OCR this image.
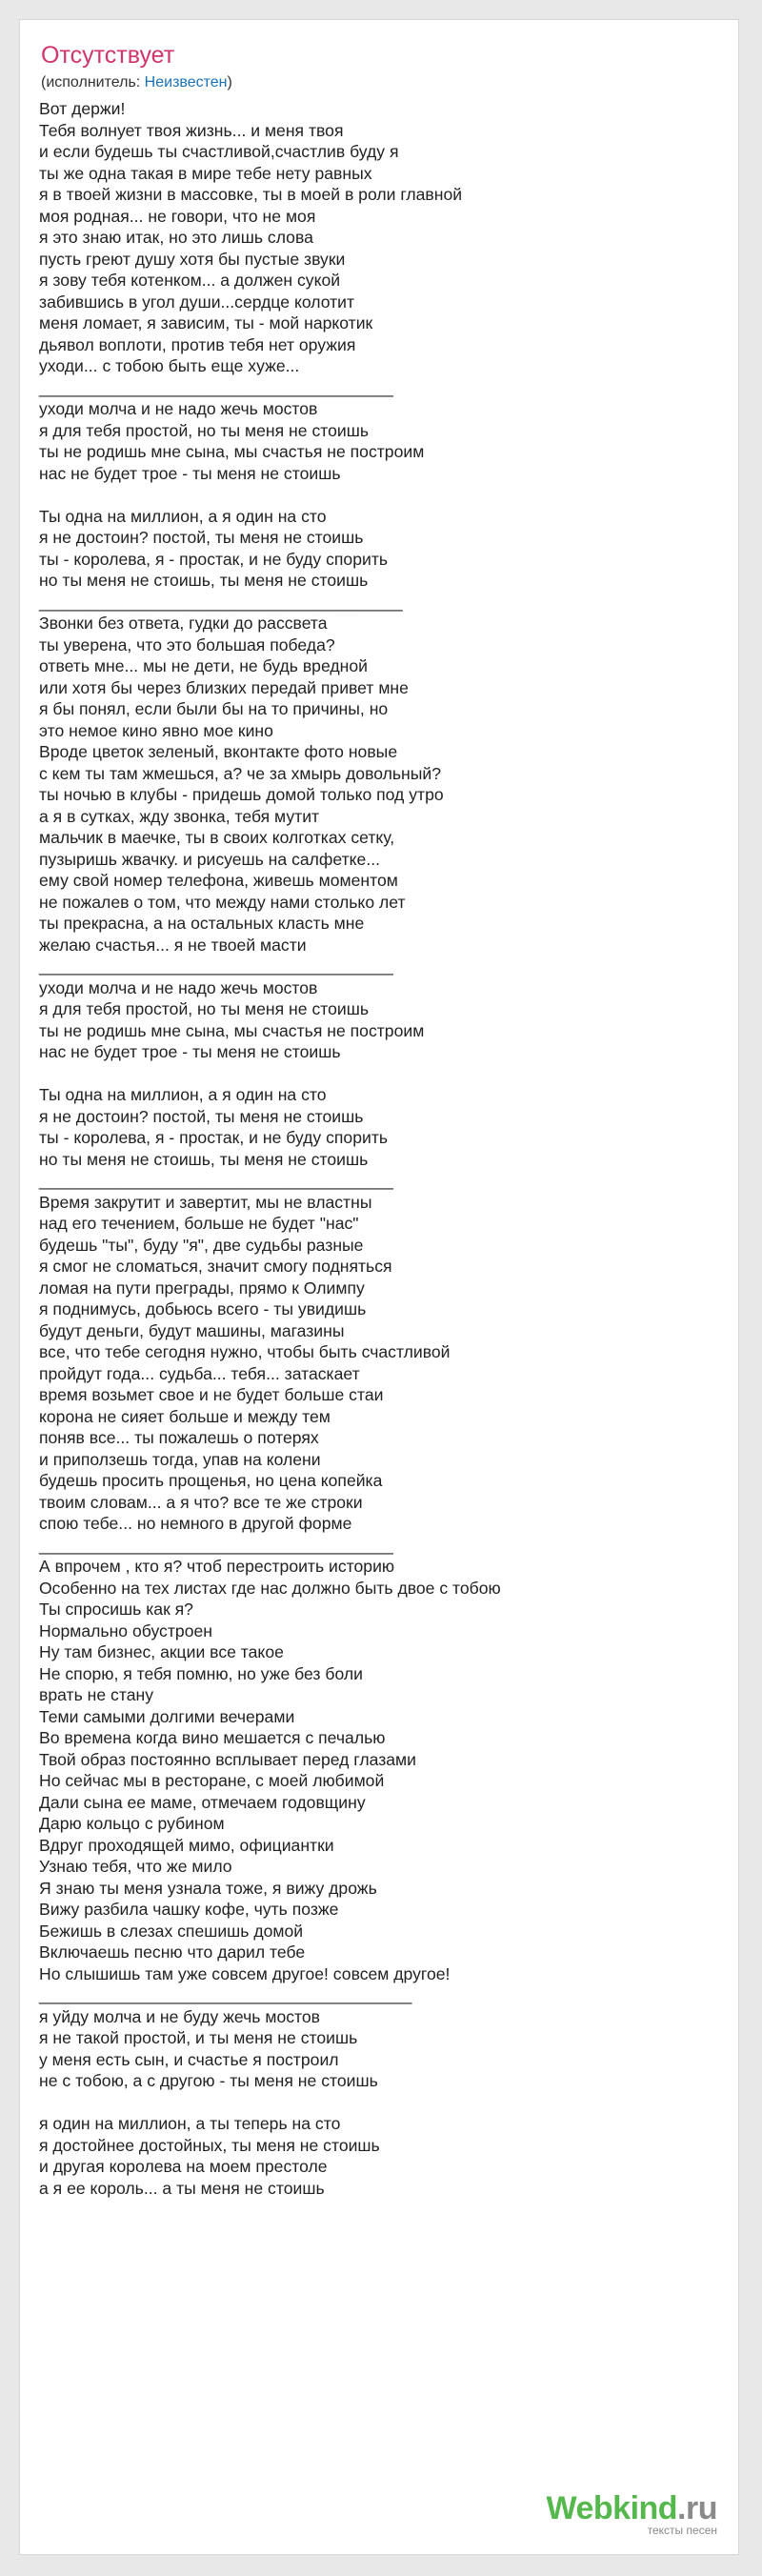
Отсутствует
(исполнитель: Неизвестен)
Вот держи!
Тебя волнует твоя жизнь... и меня твоя
и если будешь ты счастливой,счастлив буду я
ты же одна такая в мире тебе нету равных
я в твоей жизни в массовке, ты в моей в роли главной
моя родная... не говори, что не моя
я это знаю итак, но это лишь слова
пусть греют душу хотя бы пустые звуки
я зову тебя котенком... а должен сукой
забившись в угол души...сердце колотит
меня ломает, я зависим, ты - мой наркотик
дьявол воплоти, против тебя нет оружия
уходи... с тобою быть еще хуже...
______________________________________
уходи молча и не надо жечь мостов
я для тебя простой, но ты меня не стоишь
ты не родишь мне сына, мы счастья не построим
нас не будет трое - ты меня не стоишь
Ты одна на миллион, а я один на сто
я не достоин? постой, ты меня не стоишь
ты - королева, я - простак, и не буду спорить
но ты меня не стоишь, ты меня не стоишь
_______________________________________
Звонки без ответа, гудки до рассвета
ты уверена, что это большая победа?
ответь мне... мы не дети, не будь вредной
или хотя бы через близких передай привет мне
я бы понял, если были бы на то причины, но
это немое кино явно мое кино
Вроде цветок зеленый, вконтакте фото новые
с кем ты там жмешься, а? че за хмырь довольный?
ты ночью в клубы - придешь домой только под утро
а я в сутках, жду звонка, тебя мутит
мальчик в маечке, ты в своих колготках сетку,
пузыришь жвачку. и рисуешь на салфетке...
ему свой номер телефона, живешь моментом
не пожалев о том, что между нами столько лет
ты прекрасна, а на остальных класть мне
желаю счастья... я не твоей масти
______________________________________
уходи молча и не надо жечь мостов
я для тебя простой, но ты меня не стоишь
ты не родишь мне сына, мы счастья не построим
нас не будет трое - ты меня не стоишь
Ты одна на миллион, а я один на сто
я не достоин? постой, ты меня не стоишь
ты - королева, я - простак, и не буду спорить
но ты меня не стоишь, ты меня не стоишь
______________________________________
Время закрутит и завертит, мы не властны
над его течением, больше не будет "нас"
будешь "ты", буду "я", две судьбы разные
я смог не сломаться, значит смогу подняться
ломая на пути преграды, прямо к Олимпу
я поднимусь, добьюсь всего - ты увидишь
будут деньги, будут машины, магазины
все, что тебе сегодня нужно, чтобы быть счастливой
пройдут года... судьба... тебя... затаскает
время возьмет свое и не будет больше стаи
корона не сияет больше и между тем
поняв все... ты пожалешь о потерях
и приползешь тогда, упав на колени
будешь просить прощенья, но цена копейка
твоим словам... а я что? все те же строки
спою тебе... но немного в другой форме
______________________________________
А впрочем , кто я? чтоб перестроить историю
Особенно на тех листах где нас должно быть двое с тобою
Ты спросишь как я?
Нормально обустроен
Ну там бизнес, акции все такое
Не спорю, я тебя помню, но уже без боли
врать не стану
Теми самыми долгими вечерами
Во времена когда вино мешается с печалью
Твой образ постоянно всплывает перед глазами
Но сейчас мы в ресторане, с моей любимой
Дали сына ее маме, отмечаем годовщину
Дарю кольцо с рубином
Вдруг проходящей мимо, официантки
Узнаю тебя, что же мило
Я знаю ты меня узнала тоже, я вижу дрожь
Вижу разбила чашку кофе, чуть позже
Бежишь в слезах спешишь домой
Включаешь песню что дарил тебе
Но слышишь там уже совсем другое! совсем другое!
________________________________________
я уйду молча и не буду жечь мостов
я не такой простой, и ты меня не стоишь
у меня есть сын, и счастье я построил
не с тобою, а с другою - ты меня не стоишь
я один на миллион, а ты теперь на сто
я достойнее достойных, ты меня не стоишь
и другая королева на моем престоле
а я ее король... а ты меня не стоишь
Webkind.ru
тексты песен
